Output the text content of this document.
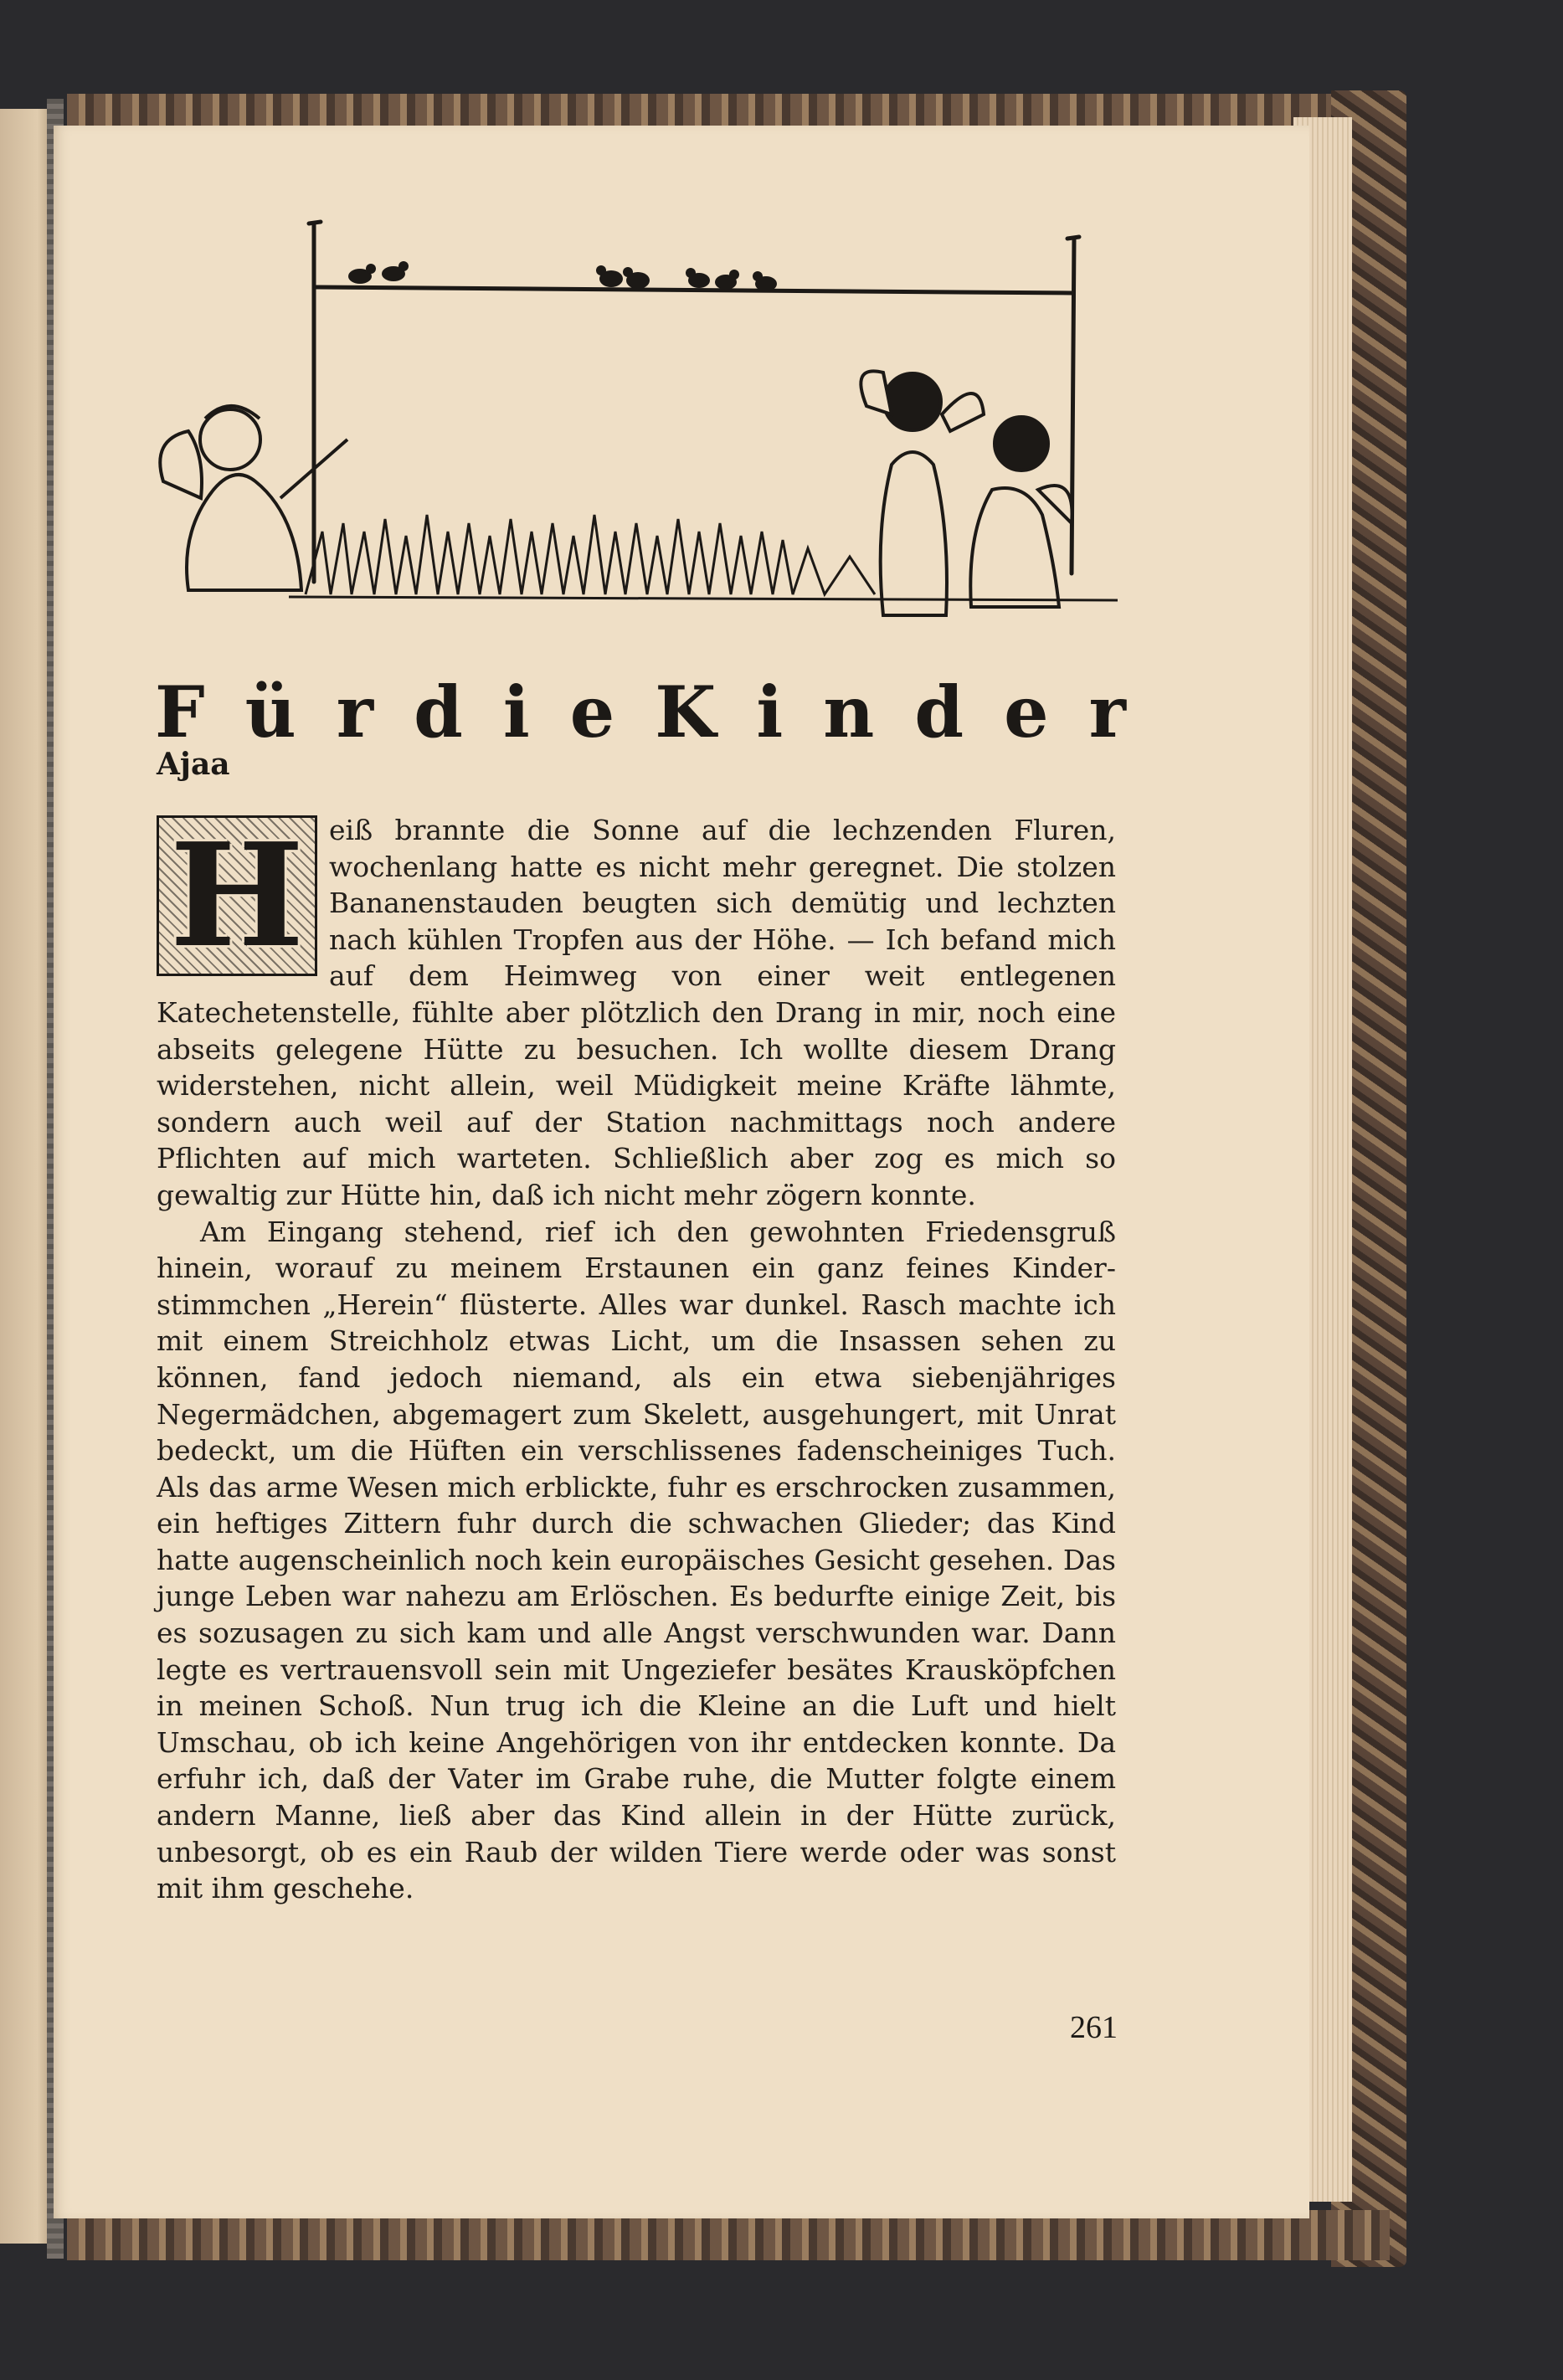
F ü r d i e K i n d e r
Ajaa
H eiß brannte die Sonne auf die lechzenden Fluren, wochenlang hatte es nicht mehr geregnet. Die stolzen Bananenstauden beugten sich demütig und lechzten nach kühlen Tropfen aus der Höhe. — Ich befand mich auf dem Heimweg von einer weit entlegenen Katechetenstelle, fühlte aber plötzlich den Drang in mir, noch eine abseits gelegene Hütte zu besuchen. Ich wollte diesem Drang widerstehen, nicht allein, weil Müdigkeit meine Kräfte lähmte, sondern auch weil auf der Station nachmittags noch andere Pflichten auf mich warteten. Schließlich aber zog es mich so gewaltig zur Hütte hin, daß ich nicht mehr zögern konnte.

Am Eingang stehend, rief ich den gewohnten Friedensgruß hinein, worauf zu meinem Erstaunen ein ganz feines Kinderstimmchen „Herein“ flüsterte. Alles war dunkel. Rasch machte ich mit einem Streichholz etwas Licht, um die Insassen sehen zu können, fand jedoch niemand, als ein etwa siebenjähriges Negermädchen, abgemagert zum Skelett, ausgehungert, mit Unrat bedeckt, um die Hüften ein verschlissenes fadenscheiniges Tuch. Als das arme Wesen mich erblickte, fuhr es erschrocken zusammen, ein heftiges Zittern fuhr durch die schwachen Glieder; das Kind hatte augenscheinlich noch kein europäisches Gesicht gesehen. Das junge Leben war nahezu am Erlöschen. Es bedurfte einige Zeit, bis es sozusagen zu sich kam und alle Angst verschwunden war. Dann legte es vertrauensvoll sein mit Ungeziefer besätes Krausköpfchen in meinen Schoß. Nun trug ich die Kleine an die Luft und hielt Umschau, ob ich keine Angehörigen von ihr entdecken konnte. Da erfuhr ich, daß der Vater im Grabe ruhe, die Mutter folgte einem andern Manne, ließ aber das Kind allein in der Hütte zurück, unbesorgt, ob es ein Raub der wilden Tiere werde oder was sonst mit ihm geschehe.

261
